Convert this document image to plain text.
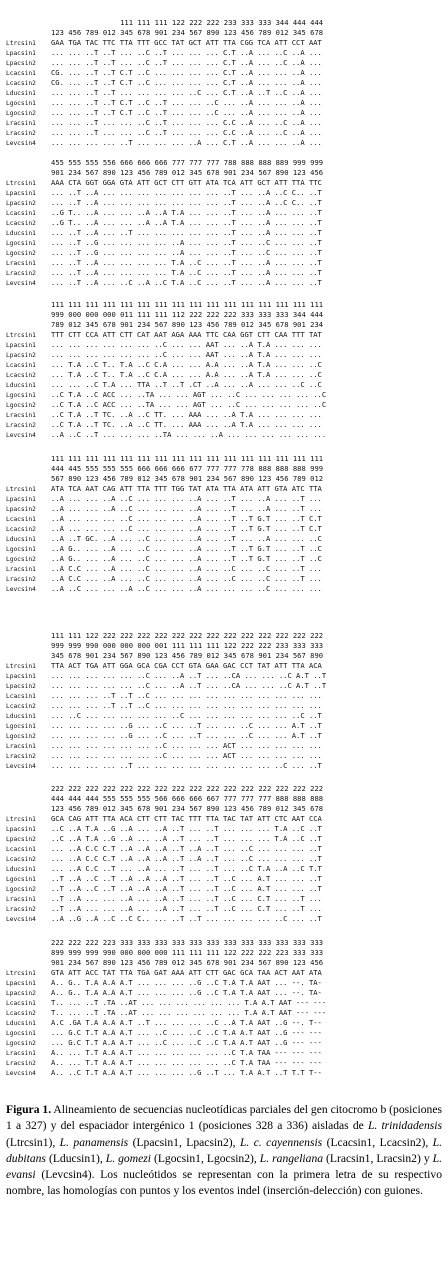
111 111 111 122 222 222 233 333 333 344 444 444
123 456 789 012 345 678 901 234 567 890 123 456 789 012 345 678
Ltrcsin1 GAA TGA TAC TTC TTA TTT GCC TAT GCT ATT TTA CGG TCA ATT CCT AAT
Lpacsin1 ... ... ..T ..T ... ..C ..T ... ... ... C.T ..A ... ..C ..A ...
Lpacsin2 ... ... ..T ..T ... ..C ..T ... ... ... C.T ..A ... ..C ..A ...
Lcacsin1 CG. ... ..T ..T C.T ..C ... ... ... ... C.T ..A ... ... ..A ...
Lcacsin2 CG. ... ..T ..T C.T ..C ... ... ... ... C.T ..A ... ... ..A ...
Lducsin1 ... ... ..T ..T ... ... ... ... ..C ... C.T ..A ..T ..C ..A ...
Lgocsin1 ... ... ..T ..T C.T ..C ..T ... ... ..C ... ..A ... ... ..A ...
Lgocsin2 ... ... ..T ..T C.T ..C ..T ... ... ..C ... ..A ... ... ..A ...
Lracsin1 ... ... ..T ... ... ..C ..T ... ... ... C.C ..A ... ..C ..A ...
Lracsin2 ... ... ..T ... ... ..C ..T ... ... ... C.C ..A ... ..C ..A ...
Levcsin4 ... ... ... ... ..T ... ... ... ..A ... C.T ..A ... ... ..A ...
455 555 555 556 666 666 666 777 777 777 788 888 888 889 999 999
901 234 567 890 123 456 789 012 345 678 901 234 567 890 123 456
Ltrcsin1 AAA CTA GGT GGA GTA ATT GCT CTT GTT ATA TCA ATT GCT ATT TTA TTC
Lpacsin1 ... ..T ..A ... ... ... ... ... ... ... ..T ... ..A ..C C.. ..T
Lpacsin2 ... ..T ..A ... ... ... ... ... ... ... ..T ... ..A ..C C.. ..T
Lcacsin1 ..G T.. ..A ... ... ..A ..A T.A ... ... ..T ... ..A ... ... ..T
Lcacsin2 ..G T.. ..A ... ... ..A ..A T.A ... ... ..T ... ..A ... ... ..T
Lducsin1 ... ..T ..A ... ..T ... ... ... ... ... ..T ... ..A ... ... ..T
Lgocsin1 ... ..T ..G ... ... ... ... ..A ... ... ..T ... ..C ... ... ..T
Lgocsin2 ... ..T ..G ... ... ... ... ..A ... ... ..T ... ..C ... ... ..T
Lracsin1 ... ..T ..A ... ... ... ... T.A ..C ... ..T ... ..A ... ... ..T
Lracsin2 ... ..T ..A ... ... ... ... T.A ..C ... ..T ... ..A ... ... ..T
Levcsin4 ... ..T ..A ... ..C ..A ..C T.A ..C ... ..T ... ..A ... ... ..T
111 111 111 111 111 111 111 111 111 111 111 111 111 111 111 111
999 000 000 000 011 111 111 112 222 222 222 333 333 333 344 444
789 012 345 678 901 234 567 890 123 456 789 012 345 678 901 234
Ltrcsin1 TTT CTT CCA ATT CTT CAT AAT AGA AAA TTC CAA GGT CTT CAA TTT TAT
Lpacsin1 ... ... ... ... ... ... ..C ... ... AAT ... ..A T.A ... ... ...
Lpacsin2 ... ... ... ... ... ... ..C ... ... AAT ... ..A T.A ... ... ...
Lcacsin1 ... T.A ..C T.. T.A ..C C.A ... ... A.A ... ..A T.A ... ... ..C
Lcacsin2 ... T.A ..C T.. T.A ..C C.A ... ... A.A ... ..A T.A ... ... ..C
Lducsin1 ... ... ..C T.A ... TTA ..T ..T .CT ..A ... ..A ... ... ..C ..C
Lgocsin1 ..C T.A ..C ACC ... ..TA ... ... AGT ... ..C ... ... ... ... ..C
Lgocsin2 ..C T.A ..C ACC ... ..TA ... ... AGT ... ..C ... ... ... ... ..C
Lracsin1 ..C T.A ..T TC. ..A ..C TT. ... AAA ... ..A T.A ... ... ... ...
Lracsin2 ..C T.A ..T TC. ..A ..C TT. ... AAA ... ..A T.A ... ... ... ...
Levcsin4 ..A ..C ..T ... ... ... ..TA ... ... ..A ... ... ... ... ... ...
111 111 111 111 111 111 111 111 111 111 111 111 111 111 111 111
444 445 555 555 555 666 666 666 677 777 777 778 888 888 888 999
567 890 123 456 789 012 345 678 901 234 567 890 123 456 789 012
Ltrcsin1 ATA TCA AAT CAG ATT TTA TTT TGG TAT ATA TTA ATA ATT GTA ATC TTA
Lpacsin1 ..A ... ... ..A ..C ... ... ... ..A ... ..T ... ..A ... ..T ...
Lpacsin2 ..A ... ... ..A ..C ... ... ... ..A ... ..T ... ..A ... ..T ...
Lcacsin1 ..A ... ... ... ..C ... ... ... ..A ... ..T ..T G.T ... ..T C.T
Lcacsin2 ..A ... ... ... ..C ... ... ... ..A ... ..T ..T G.T ... ..T C.T
Lducsin1 ..A ..T GC. ..A ... ..C ... ... ..A ... ..T ... ..A ... ... ..C
Lgocsin1 ..A G.. ... ..A ... ..C ... ... ..A ... ..T ..T G.T ... ..T ..C
Lgocsin2 ..A G.. ... ..A ... ..C ... ... ..A ... ..T ..T G.T ... ..T ..C
Lracsin1 ..A C.C ... ..A ... ..C ... ... ..A ... ..C ... ..C ... ..T ...
Lracsin2 ..A C.C ... ..A ... ..C ... ... ..A ... ..C ... ..C ... ..T ...
Levcsin4 ..A ..C ... ... ..A ..C ... ... ..A ... ... ... ..C ... ... ...
111 111 122 222 222 222 222 222 222 222 222 222 222 222 222 222
999 999 990 000 000 000 001 111 111 111 122 222 222 233 333 333
345 678 901 234 567 890 123 456 789 012 345 678 901 234 567 890
Ltrcsin1 TTA ACT TGA ATT GGA GCA CGA CCT GTA GAA GAC CCT TAT ATT TTA ACA
Lpacsin1 ... ... ... ... ... ..C ... ..A ..T ... ..CA ... ... ..C A.T ..T
Lpacsin2 ... ... ... ... ... ..C ... ..A ..T ... ..CA ... ... ..C A.T ..T
Lcacsin1 ... ... ... ..T ..T ..C ... ... ... ... ... ... ... ... ... ...
Lcacsin2 ... ... ... ..T ..T ..C ... ... ... ... ... ... ... ... ... ...
Lducsin1 ... ..C ... ... ... ... ... ..C ... ... ... ... ... ... ..C ..T
Lgocsin1 ... ... ... ... ..G ... ..C ... ..T ... ... ..C ... ... A.T ..T
Lgocsin2 ... ... ... ... ..G ... ..C ... ..T ... ... ..C ... ... A.T ..T
Lracsin1 ... ... ... ... ... ... ..C ... ... ... ACT ... ... ... ... ...
Lracsin2 ... ... ... ... ... ... ..C ... ... ... ACT ... ... ... ... ...
Levcsin4 ... ... ... ... ..T ... ... ... ... ... ... ... ... ..C ... ..T
222 222 222 222 222 222 222 222 222 222 222 222 222 222 222 222
444 444 444 555 555 555 566 666 666 667 777 777 777 888 888 888
123 456 789 012 345 678 901 234 567 890 123 456 789 012 345 678
Ltrcsin1 GCA CAG ATT TTA ACA CTT CTT TAC TTT TTA TAC TAT ATT CTC AAT CCA
Lpacsin1 ..C ..A T.A ..G ..A ... ..A ..T ... ..T ... ... ... T.A ..C ..T
Lpacsin2 ..C ..A T.A ..G ..A ... ..A ..T ... ..T ... ... ... T.A ..C ..T
Lcacsin1 ... ..A C.C C.T ..A ..A ..A ..T ..A ..T ... ..C ... ... ... ..T
Lcacsin2 ... ..A C.C C.T ..A ..A ..A ..T ..A ..T ... ..C ... ... ... ..T
Lducsin1 ... ..A C.C ..T ... ..A ... ..T ... ..T ... ..C T.A ..A ..C T.T
Lgocsin1 ..T ..A ..C ..T ..A ..A ..A ..T ... ..T ..C ... A.T ... ... ..T
Lgocsin2 ..T ..A ..C ..T ..A ..A ..A ..T ... ..T ..C ... A.T ... ... ..T
Lracsin1 ..T ..A ... ... ..A ... ..A ..T ... ..T ..C ... C.T ... ..T ...
Lracsin2 ..T ..A ... ... ..A ... ..A ..T ... ..T ..C ... C.T ... ..T ...
Levcsin4 ..A ..G ..A ..C ..C C.. ... ..T ..T ... ... ... ... ..C ... ..T
222 222 222 223 333 333 333 333 333 333 333 333 333 333 333 333
899 999 999 990 000 000 000 111 111 111 122 222 222 223 333 333
901 234 567 890 123 456 789 012 345 678 901 234 567 890 123 456
Ltrcsin1 GTA ATT ACC TAT TTA TGA GAT AAA ATT CTT GAC GCA TAA ACT AAT ATA
Lpacsin1 A.. G.. T.A A.A A.T ... ... ... ..G ..C T.A T.A AAT ... --. TA-
Lpacsin2 A.. G.. T.A A.A A.T ... ... ... ..G ..C T.A T.A AAT ... --. TA-
Lcacsin1 T.. ... ..T .TA ..AT ... ... ... ... ... ... T.A A.T AAT --- ---
Lcacsin2 T.. ... ..T .TA ..AT ... ... ... ... ... ... T.A A.T AAT --- ---
Lducsin1 A.C .GA T.A A.A A.T ..T ... ... ... ..C ..A T.A AAT ..G --. T--
Lgocsin1 ... G.C T.T A.A A.T ... ..C ... ..C ..C T.A A.T AAT ..G --- ---
Lgocsin2 ... G.C T.T A.A A.T ... ..C ... ..C ..C T.A A.T AAT ..G --- ---
Lracsin1 A.. ... T.T A.A A.T ... ... ... ... ... ..C T.A TAA --- --- ---
Lracsin2 A.. ... T.T A.A A.T ... ... ... ... ... ..C T.A TAA --- --- ---
Levcsin4 A.. ..C T.T A.A A.T ... ... ... ..G ..T ... T.A A.T ..T T.T T--
Figura 1. Alineamiento de secuencias nucleotídicas parciales del gen citocromo b (posiciones 1 a 327) y del espaciador intergénico 1 (posiciones 328 a 336) aisladas de L. trinidadensis (Ltrcsin1), L. panamensis (Lpacsin1, Lpacsin2), L. c. cayennensis (Lcacsin1, Lcacsin2), L. dubitans (Lducsin1), L. gomezi (Lgocsin1, Lgocsin2), L. rangeliana (Lracsin1, Lracsin2) y L. evansi (Levcsin4). Los nucleótidos se representan con la primera letra de su respectivo nombre, las homologías con puntos y los eventos indel (inserción-delección) con guiones.
